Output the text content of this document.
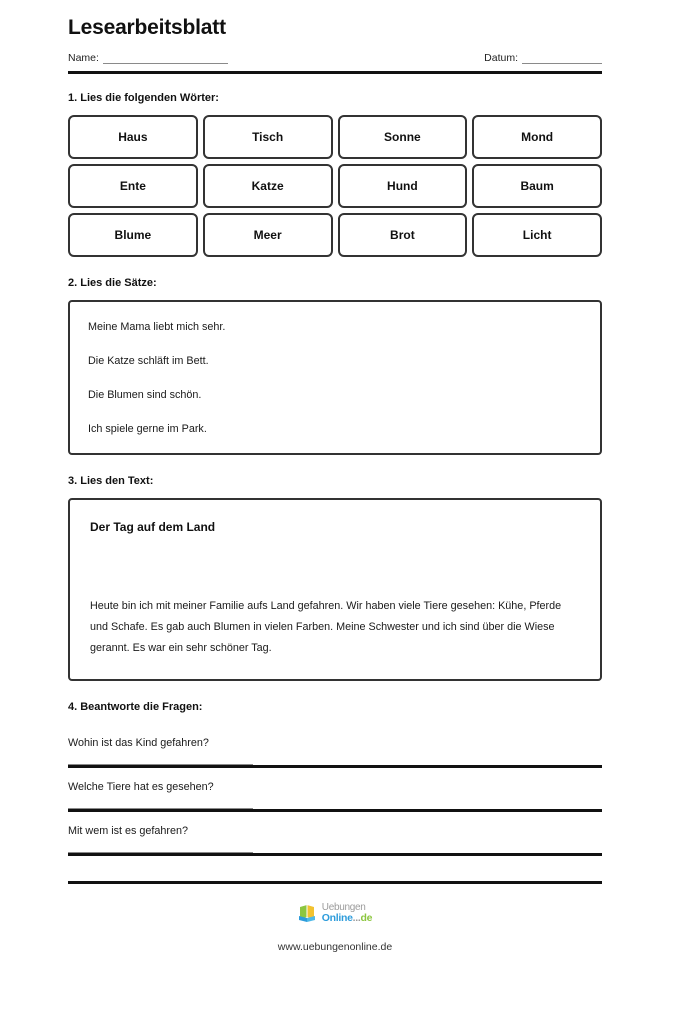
Lesearbeitsblatt
Name:	Datum:

1. Lies die folgenden Wörter:

Haus	Tisch	Sonne	Mond
Ente	Katze	Hund	Baum
Blume	Meer	Brot	Licht

2. Lies die Sätze:

Meine Mama liebt mich sehr.

Die Katze schläft im Bett.

Die Blumen sind schön.

Ich spiele gerne im Park.

3. Lies den Text:

Der Tag auf dem Land

Heute bin ich mit meiner Familie aufs Land gefahren. Wir haben viele Tiere gesehen: Kühe, Pferde und Schafe. Es gab auch Blumen in vielen Farben. Meine Schwester und ich sind über die Wiese gerannt. Es war ein sehr schöner Tag.

4. Beantworte die Fragen:

Wohin ist das Kind gefahren?

Welche Tiere hat es gesehen?

Mit wem ist es gefahren?

Uebungen
Online...de
www.uebungenonline.de
